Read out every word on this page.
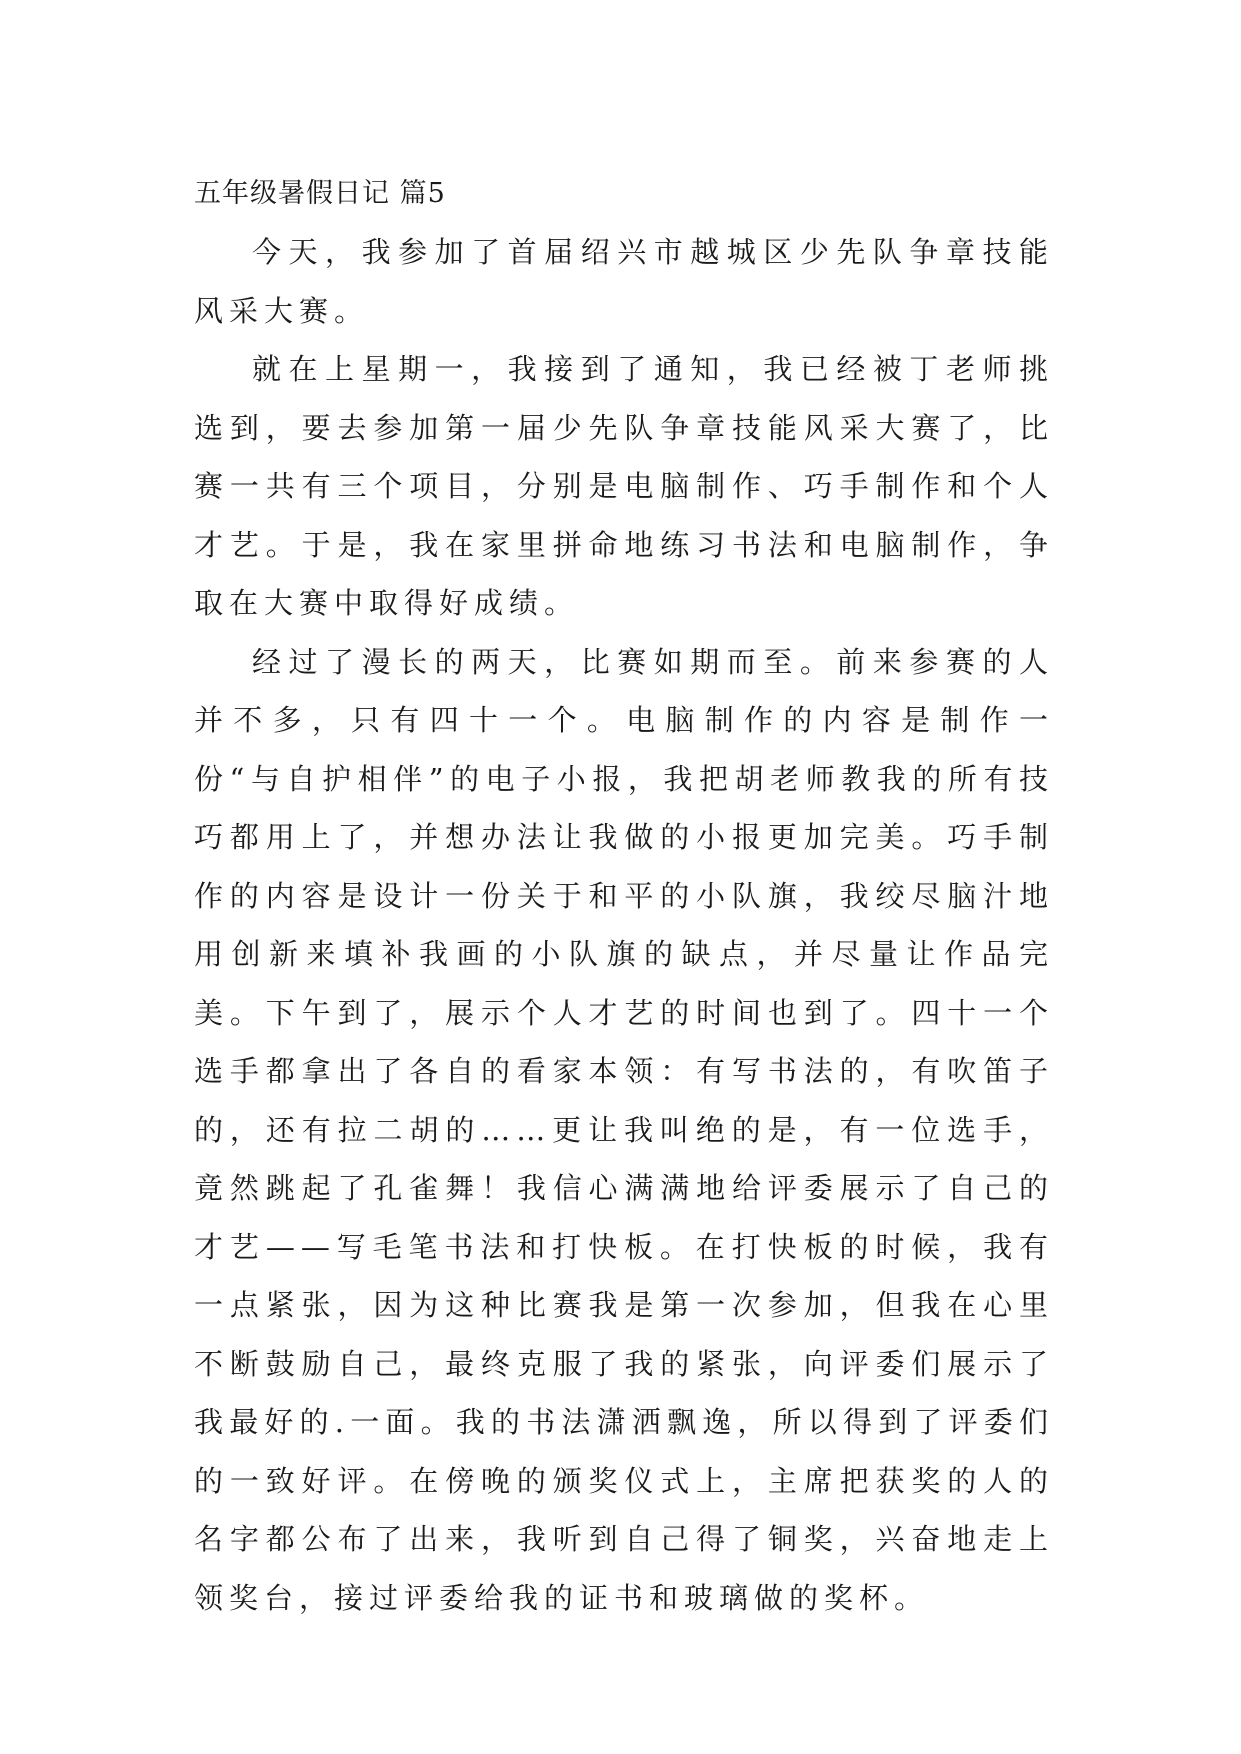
五年级暑假日记 篇5

今天，我参加了首届绍兴市越城区少先队争章技能风采大赛。

就在上星期一，我接到了通知，我已经被丁老师挑选到，要去参加第一届少先队争章技能风采大赛了，比赛一共有三个项目，分别是电脑制作、巧手制作和个人才艺。于是，我在家里拼命地练习书法和电脑制作，争取在大赛中取得好成绩。

经过了漫长的两天，比赛如期而至。前来参赛的人并不多，只有四十一个。电脑制作的内容是制作一份“与自护相伴”的电子小报，我把胡老师教我的所有技巧都用上了，并想办法让我做的小报更加完美。巧手制作的内容是设计一份关于和平的小队旗，我绞尽脑汁地用创新来填补我画的小队旗的缺点，并尽量让作品完美。下午到了，展示个人才艺的时间也到了。四十一个选手都拿出了各自的看家本领：有写书法的，有吹笛子的，还有拉二胡的……更让我叫绝的是，有一位选手，竟然跳起了孔雀舞！我信心满满地给评委展示了自己的才艺——写毛笔书法和打快板。在打快板的时候，我有一点紧张，因为这种比赛我是第一次参加，但我在心里不断鼓励自己，最终克服了我的紧张，向评委们展示了我最好的.一面。我的书法潇洒飘逸，所以得到了评委们的一致好评。在傍晚的颁奖仪式上，主席把获奖的人的名字都公布了出来，我听到自己得了铜奖，兴奋地走上领奖台，接过评委给我的证书和玻璃做的奖杯。
